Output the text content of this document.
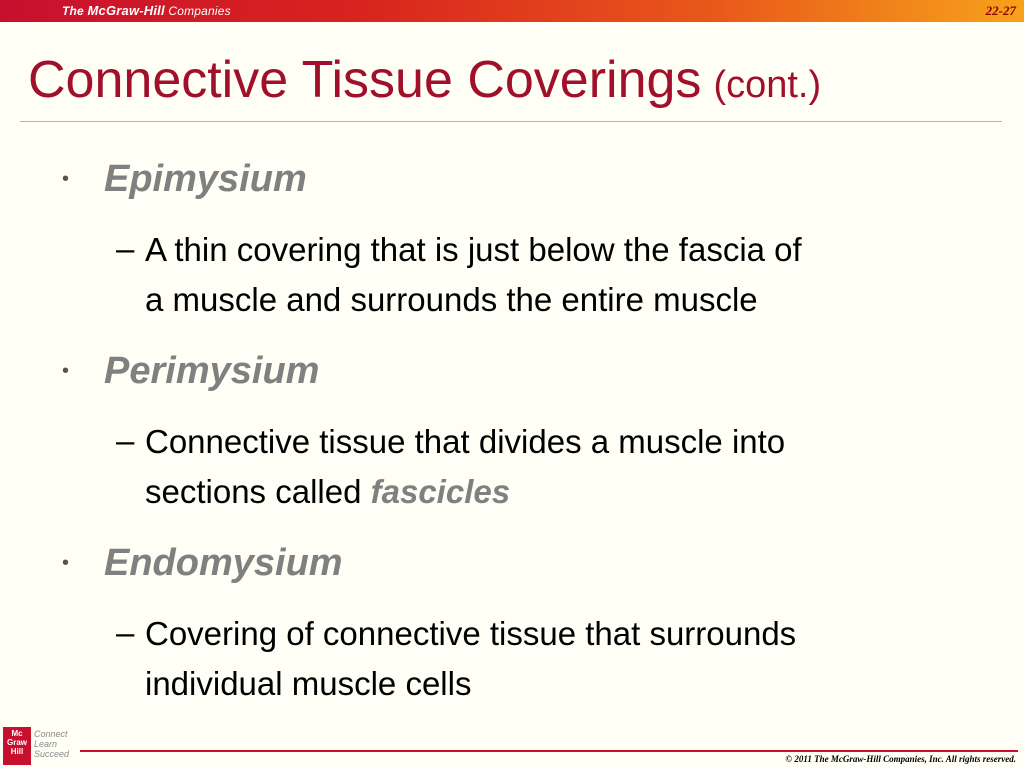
The McGraw-Hill Companies	22-27
Connective Tissue Coverings (cont.)
• Epimysium
– A thin covering that is just below the fascia of
a muscle and surrounds the entire muscle
• Perimysium
– Connective tissue that divides a muscle into
sections called fascicles
• Endomysium
– Covering of connective tissue that surrounds
individual muscle cells
Mc
Graw
Hill
Connect
Learn
Succeed	© 2011 The McGraw-Hill Companies, Inc. All rights reserved.
